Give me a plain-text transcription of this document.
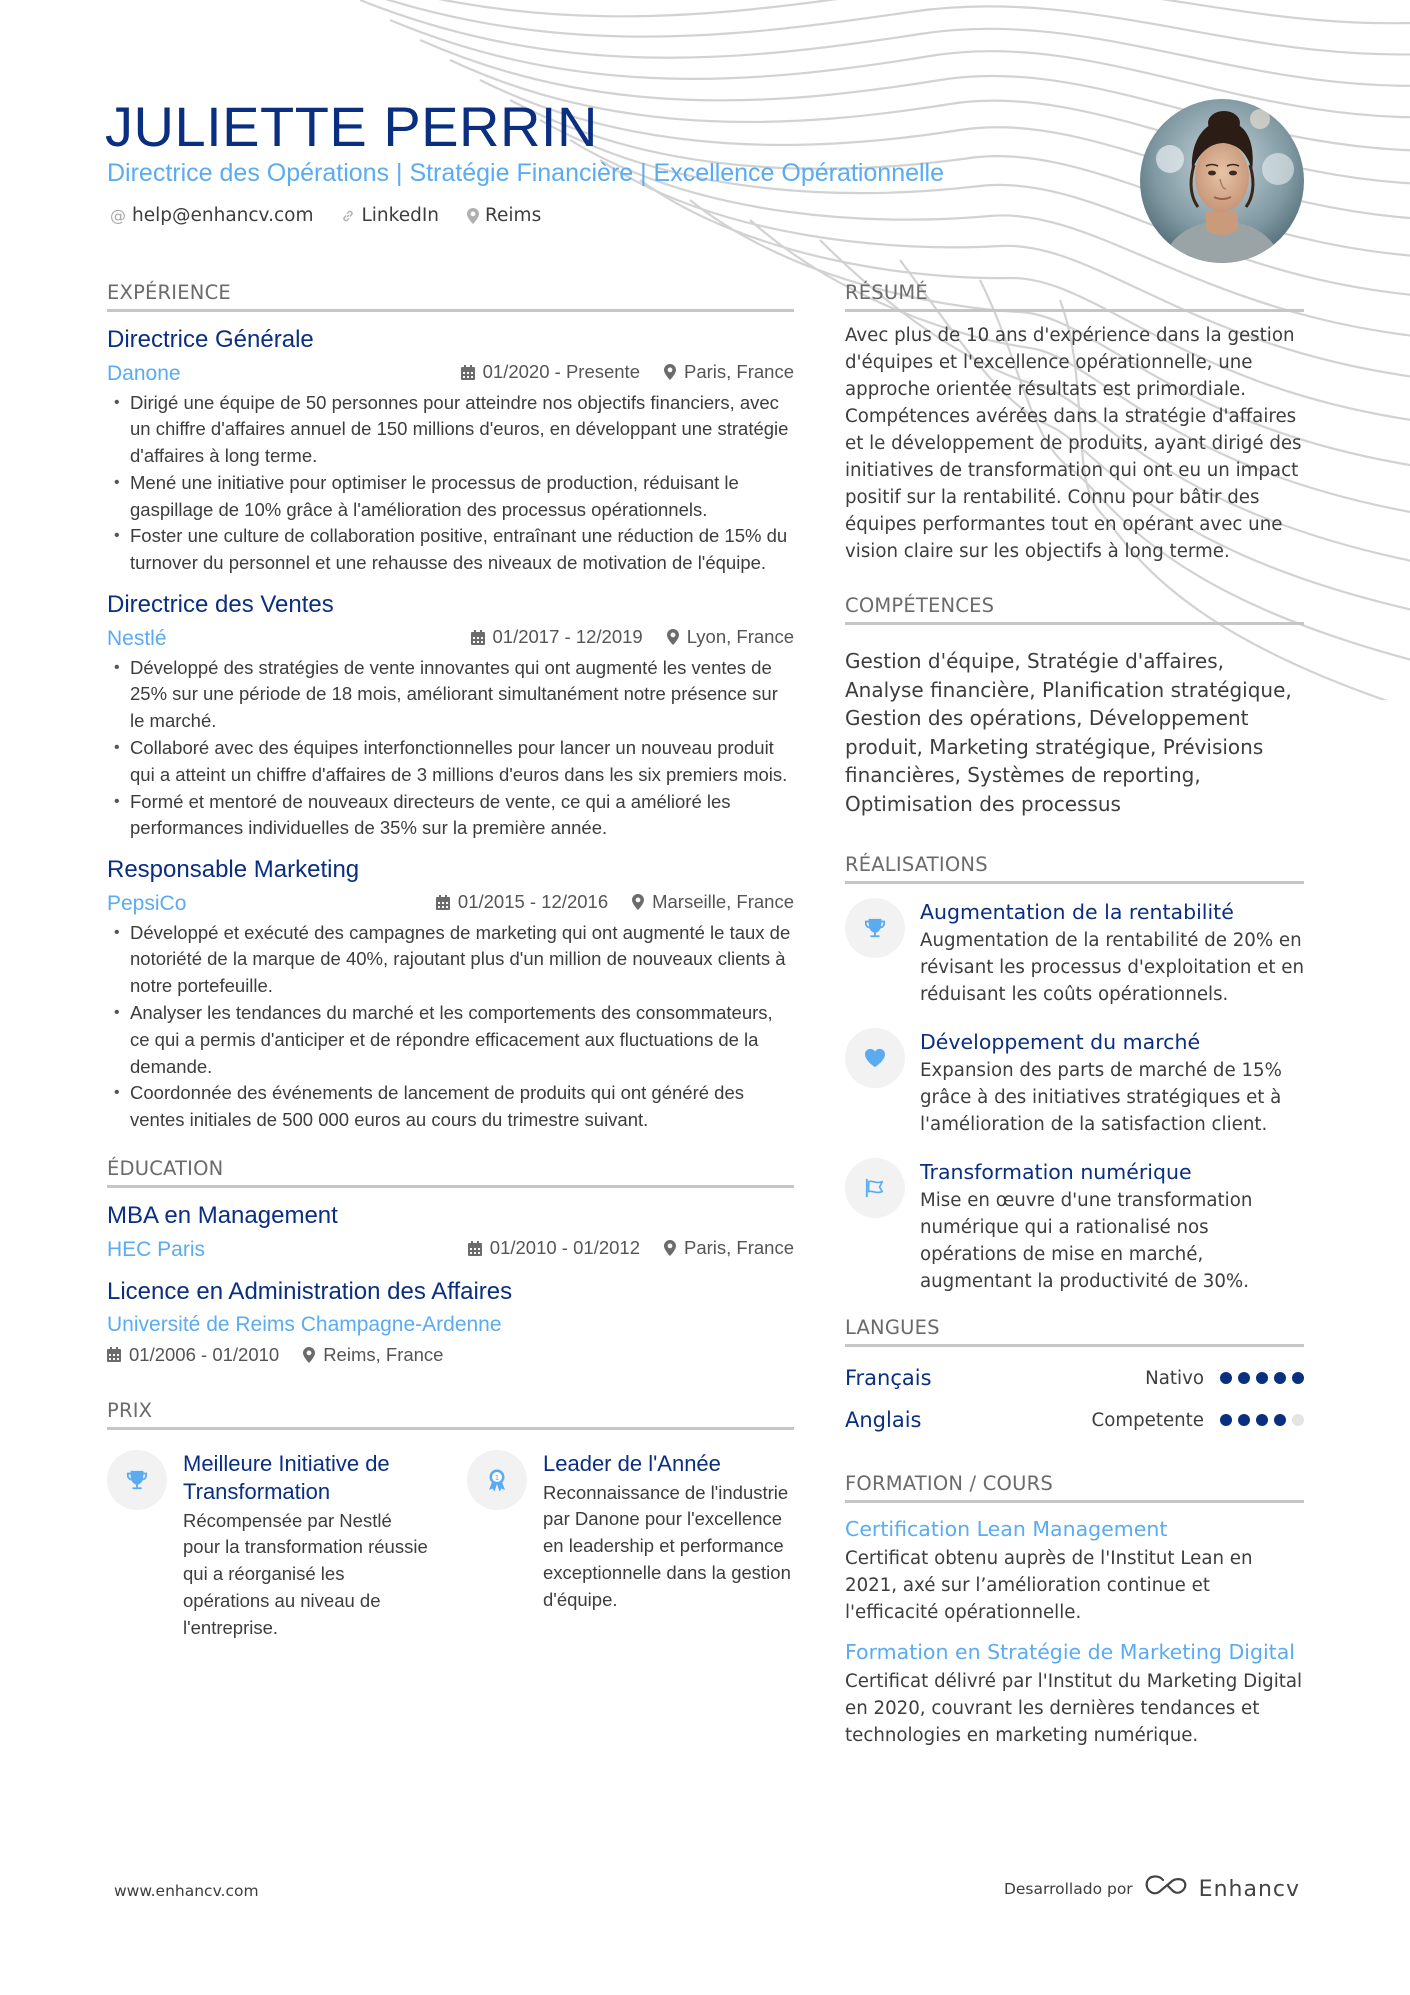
JULIETTE PERRIN
Directrice des Opérations | Stratégie Financière | Excellence Opérationnelle
@ help@enhancv.com	LinkedIn Reims
EXPÉRIENCE
Directrice Générale
Danone	01/2020 - Presente Paris, France
• Dirigé une équipe de 50 personnes pour atteindre nos objectifs financiers, avec un chiffre d'affaires annuel de 150 millions d'euros, en développant une stratégie d'affaires à long terme.
• Mené une initiative pour optimiser le processus de production, réduisant le gaspillage de 10% grâce à l'amélioration des processus opérationnels.
• Foster une culture de collaboration positive, entraînant une réduction de 15% du turnover du personnel et une rehausse des niveaux de motivation de l'équipe.
Directrice des Ventes
Nestlé	01/2017 - 12/2019 Lyon, France
• Développé des stratégies de vente innovantes qui ont augmenté les ventes de 25% sur une période de 18 mois, améliorant simultanément notre présence sur le marché.
• Collaboré avec des équipes interfonctionnelles pour lancer un nouveau produit qui a atteint un chiffre d'affaires de 3 millions d'euros dans les six premiers mois.
• Formé et mentoré de nouveaux directeurs de vente, ce qui a amélioré les performances individuelles de 35% sur la première année.
Responsable Marketing
PepsiCo	01/2015 - 12/2016 Marseille, France
• Développé et exécuté des campagnes de marketing qui ont augmenté le taux de notoriété de la marque de 40%, rajoutant plus d'un million de nouveaux clients à notre portefeuille.
• Analyser les tendances du marché et les comportements des consommateurs, ce qui a permis d'anticiper et de répondre efficacement aux fluctuations de la demande.
• Coordonnée des événements de lancement de produits qui ont généré des ventes initiales de 500 000 euros au cours du trimestre suivant.
ÉDUCATION
MBA en Management
HEC Paris	01/2010 - 01/2012 Paris, France
Licence en Administration des Affaires
Université de Reims Champagne-Ardenne
01/2006 - 01/2010 Reims, France
PRIX
Meilleure Initiative de Transformation
Récompensée par Nestlé pour la transformation réussie qui a réorganisé les opérations au niveau de l'entreprise.
1
Leader de l'Année
Reconnaissance de l'industrie par Danone pour l'excellence en leadership et performance exceptionnelle dans la gestion d'équipe.
RÉSUMÉ

Avec plus de 10 ans d'expérience dans la gestion d'équipes et l'excellence opérationnelle, une approche orientée résultats est primordiale. Compétences avérées dans la stratégie d'affaires et le développement de produits, ayant dirigé des initiatives de transformation qui ont eu un impact positif sur la rentabilité. Connu pour bâtir des équipes performantes tout en opérant avec une vision claire sur les objectifs à long terme.

COMPÉTENCES

Gestion d'équipe, Stratégie d'affaires, Analyse financière, Planification stratégique, Gestion des opérations, Développement produit, Marketing stratégique, Prévisions financières, Systèmes de reporting, Optimisation des processus

RÉALISATIONS
Augmentation de la rentabilité
Augmentation de la rentabilité de 20% en révisant les processus d'exploitation et en réduisant les coûts opérationnels.
Développement du marché
Expansion des parts de marché de 15% grâce à des initiatives stratégiques et à l'amélioration de la satisfaction client.
Transformation numérique
Mise en œuvre d'une transformation numérique qui a rationalisé nos opérations de mise en marché, augmentant la productivité de 30%.
LANGUES
Français	Nativo
Anglais	Competente
FORMATION / COURS
Certification Lean Management
Certificat obtenu auprès de l'Institut Lean en 2021, axé sur l’amélioration continue et l'efficacité opérationnelle.
Formation en Stratégie de Marketing Digital
Certificat délivré par l'Institut du Marketing Digital en 2020, couvrant les dernières tendances et technologies en marketing numérique.
www.enhancv.com	Desarrollado por	Enhancv
